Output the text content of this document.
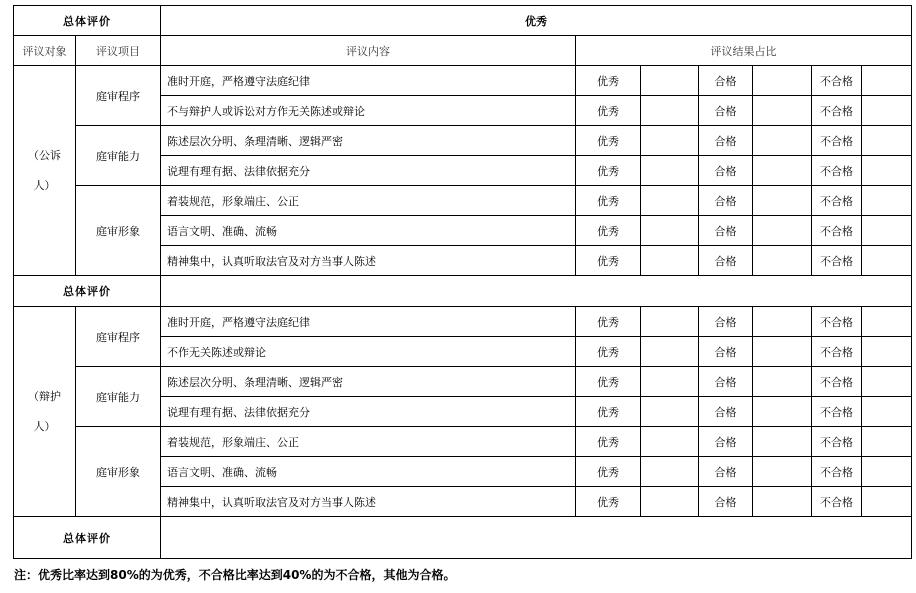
总体评价		优秀						
评议对象	评议项目	评议内容	评议结果占比					

（公诉
人）	庭审程序	准时开庭，严格遵守法庭纪律	优秀		合格		不合格	
		不与辩护人或诉讼对方作无关陈述或辩论	优秀		合格		不合格	
	庭审能力	陈述层次分明、条理清晰、逻辑严密	优秀		合格		不合格	
		说理有理有据、法律依据充分	优秀		合格		不合格	
	庭审形象	着装规范，形象端庄、公正	优秀		合格		不合格	
		语言文明、准确、流畅	优秀		合格		不合格	
		精神集中，认真听取法官及对方当事人陈述	优秀		合格		不合格	
总体评价								

（辩护
人）	庭审程序	准时开庭，严格遵守法庭纪律	优秀		合格		不合格	
		不作无关陈述或辩论	优秀		合格		不合格	
	庭审能力	陈述层次分明、条理清晰、逻辑严密	优秀		合格		不合格	
		说理有理有据、法律依据充分	优秀		合格		不合格	
	庭审形象	着装规范，形象端庄、公正	优秀		合格		不合格	
		语言文明、准确、流畅	优秀		合格		不合格	
		精神集中，认真听取法官及对方当事人陈述	优秀		合格		不合格	
总体评价								
注：优秀比率达到80%的为优秀，不合格比率达到40%的为不合格，其他为合格。
